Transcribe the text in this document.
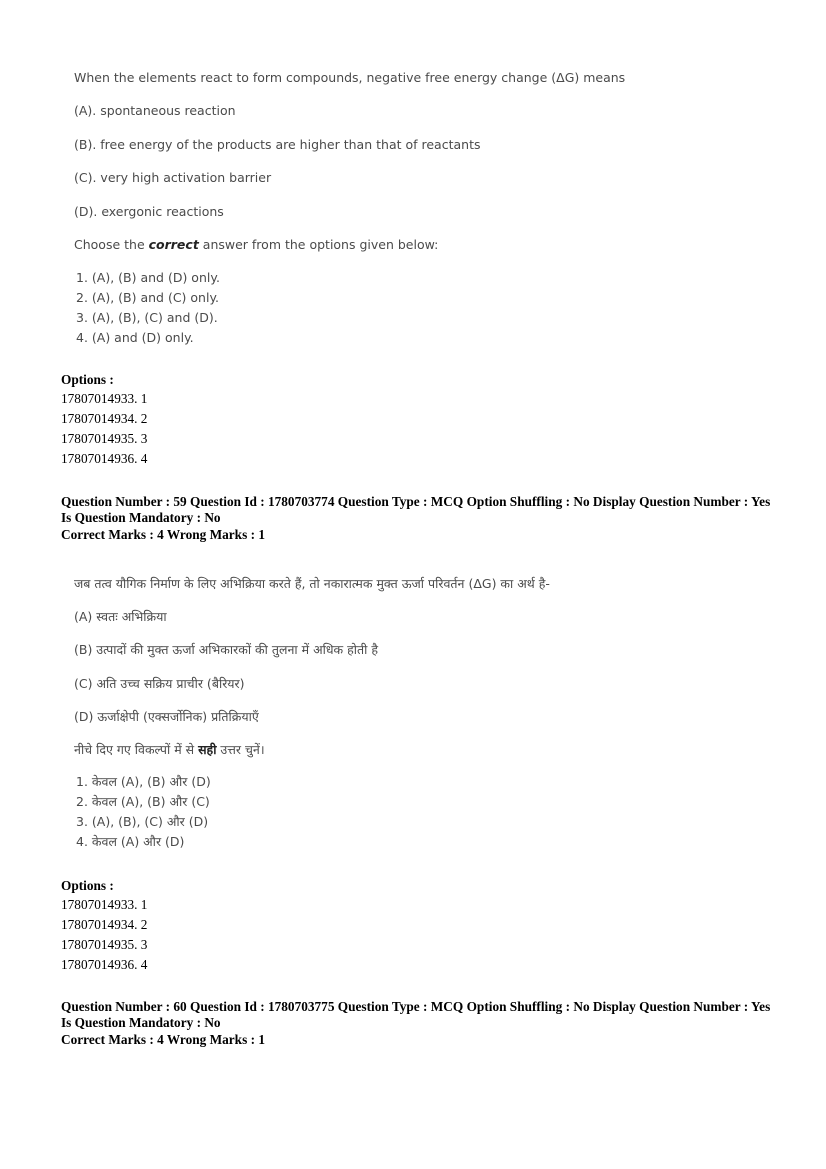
When the elements react to form compounds, negative free energy change (ΔG) means
(A). spontaneous reaction
(B). free energy of the products are higher than that of reactants
(C). very high activation barrier
(D). exergonic reactions
Choose the correct answer from the options given below:
1. (A), (B) and (D) only.
2. (A), (B) and (C) only.
3. (A), (B), (C) and (D).
4. (A) and (D) only.
Options :
17807014933. 1
17807014934. 2
17807014935. 3
17807014936. 4
Question Number : 59 Question Id : 1780703774 Question Type : MCQ Option Shuffling : No Display Question Number : Yes
Is Question Mandatory : No
Correct Marks : 4 Wrong Marks : 1
जब तत्व यौगिक निर्माण के लिए अभिक्रिया करते हैं, तो नकारात्मक मुक्त ऊर्जा परिवर्तन (ΔG) का अर्थ है-
(A) स्वतः अभिक्रिया
(B) उत्पादों की मुक्त ऊर्जा अभिकारकों की तुलना में अधिक होती है
(C) अति उच्च सक्रिय प्राचीर (बैरियर)
(D) ऊर्जाक्षेपी (एक्सर्जोनिक) प्रतिक्रियाएँ
नीचे दिए गए विकल्पों में से सही उत्तर चुनें।
1. केवल (A), (B) और (D)
2. केवल (A), (B) और (C)
3. (A), (B), (C) और (D)
4. केवल (A) और (D)
Options :
17807014933. 1
17807014934. 2
17807014935. 3
17807014936. 4
Question Number : 60 Question Id : 1780703775 Question Type : MCQ Option Shuffling : No Display Question Number : Yes
Is Question Mandatory : No
Correct Marks : 4 Wrong Marks : 1
